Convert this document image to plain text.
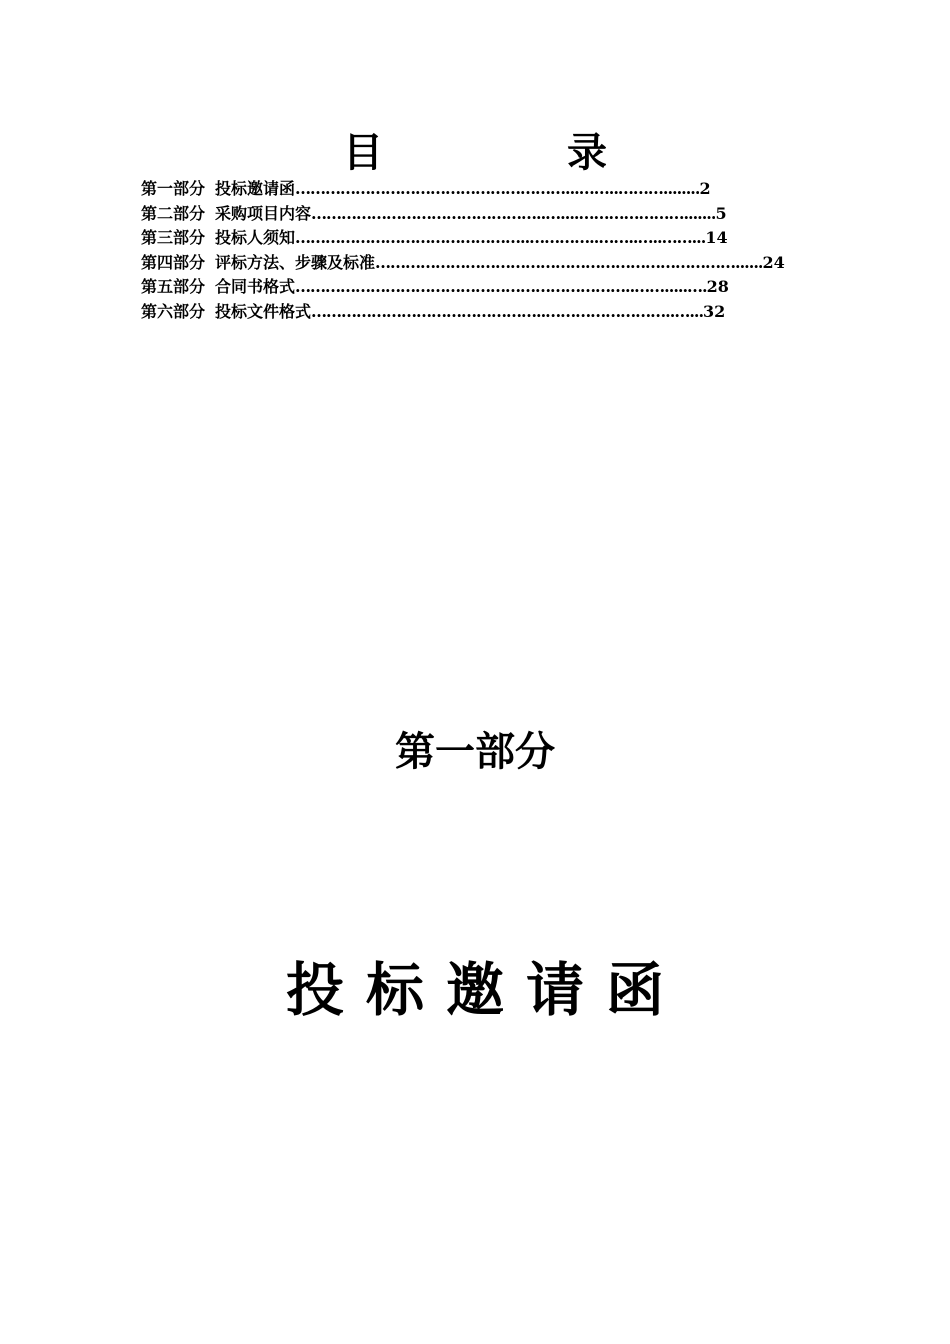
目　录
第一部分 投标邀请函………………………………………………...……..………........2
第二部分 采购项目内容………………………………………..…....………………….......5
第三部分 投标人须知………………………………………..…………..……..…..……...14
第四部分 评标方法、步骤及标准………………………………………………………………......24
第五部分 合同书格式…………………………………………………………..…….....….28
第六部分 投标文件格式………………………………………..……………………..…...32
第一部分
投标邀请函
